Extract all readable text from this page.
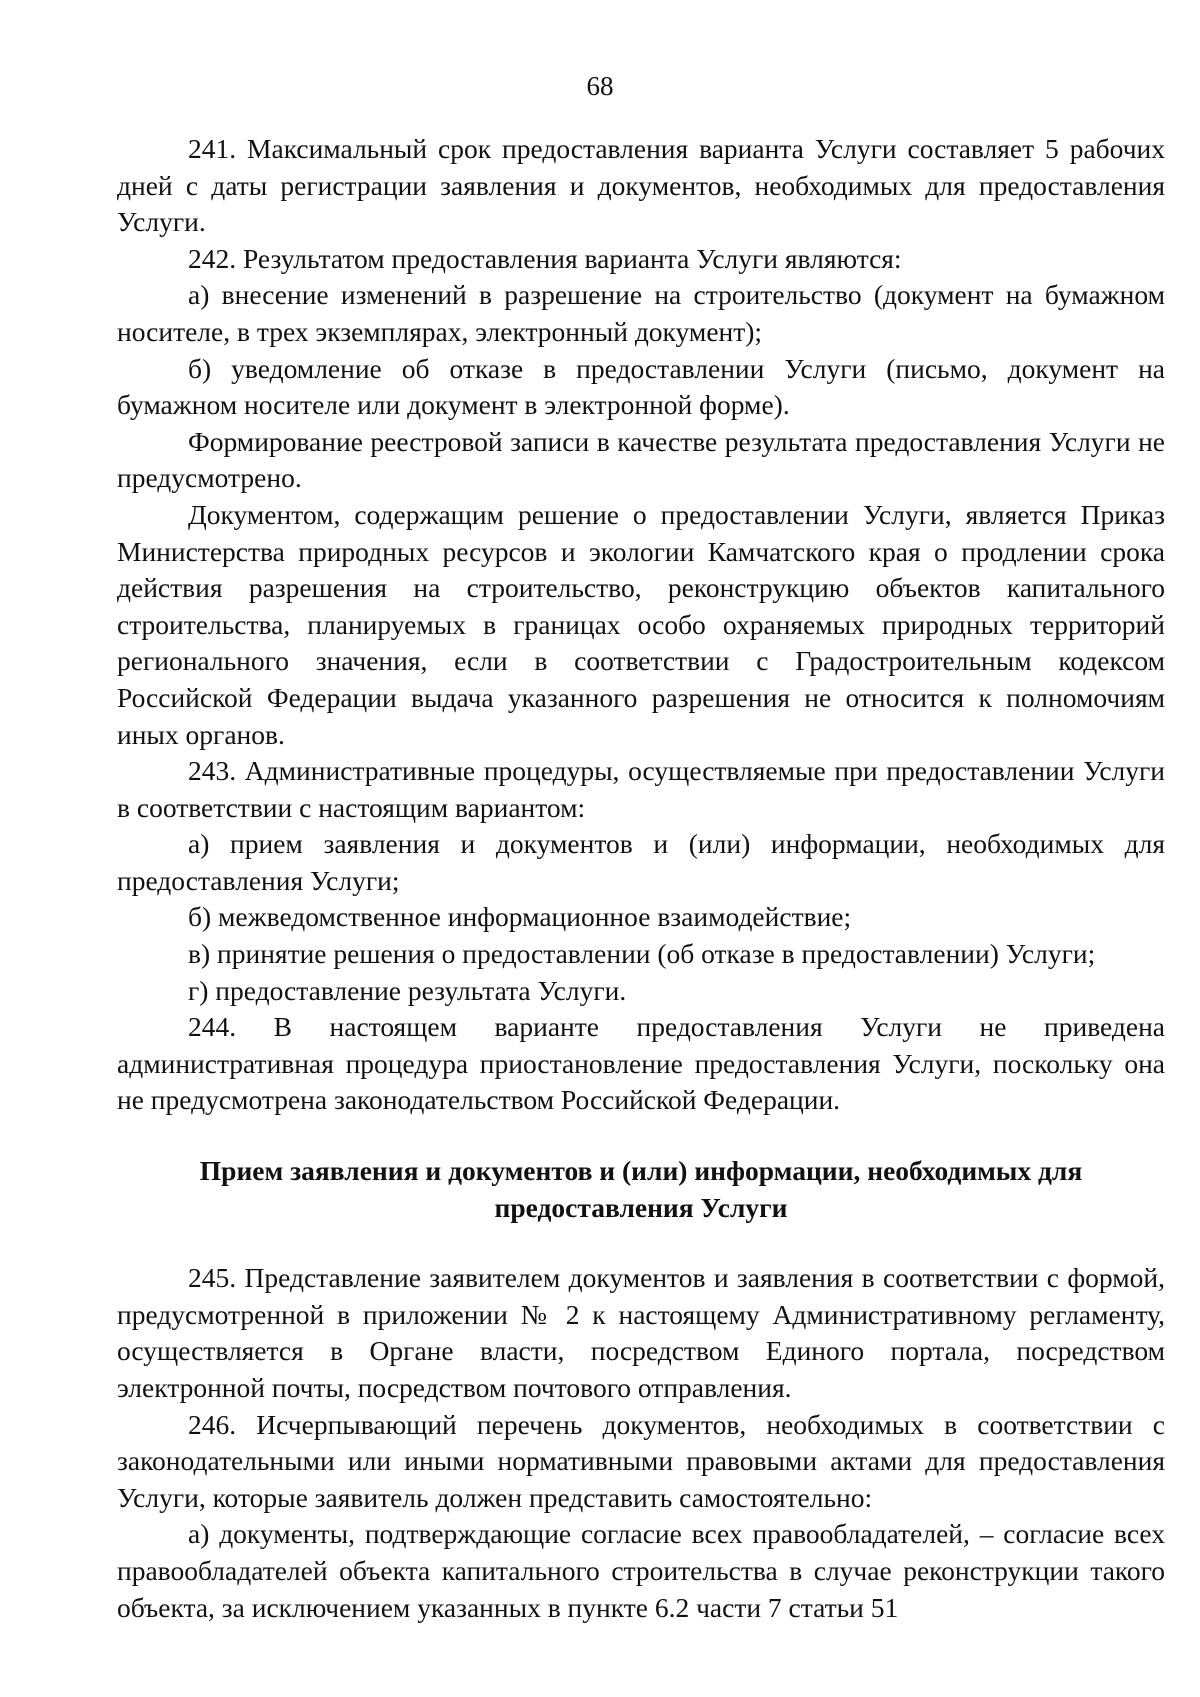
68

241. Максимальный срок предоставления варианта Услуги составляет 5 рабочих дней с даты регистрации заявления и документов, необходимых для предоставления Услуги.

242. Результатом предоставления варианта Услуги являются:

а) внесение изменений в разрешение на строительство (документ на бумажном носителе, в трех экземплярах, электронный документ);

б) уведомление об отказе в предоставлении Услуги (письмо, документ на бумажном носителе или документ в электронной форме).

Формирование реестровой записи в качестве результата предоставления Услуги не предусмотрено.

Документом, содержащим решение о предоставлении Услуги, является Приказ Министерства природных ресурсов и экологии Камчатского края о продлении срока действия разрешения на строительство, реконструкцию объектов капитального строительства, планируемых в границах особо охраняемых природных территорий регионального значения, если в соответствии с Градостроительным кодексом Российской Федерации выдача указанного разрешения не относится к полномочиям иных органов.

243. Административные процедуры, осуществляемые при предоставлении Услуги в соответствии с настоящим вариантом:

а) прием заявления и документов и (или) информации, необходимых для предоставления Услуги;

б) межведомственное информационное взаимодействие;

в) принятие решения о предоставлении (об отказе в предоставлении) Услуги;

г) предоставление результата Услуги.

244. В настоящем варианте предоставления Услуги не приведена административная процедура приостановление предоставления Услуги, поскольку она не предусмотрена законодательством Российской Федерации.

Прием заявления и документов и (или) информации, необходимых для предоставления Услуги

245. Представление заявителем документов и заявления в соответствии с формой, предусмотренной в приложении № 2 к настоящему Административному регламенту, осуществляется в Органе власти, посредством Единого портала, посредством электронной почты, посредством почтового отправления.

246. Исчерпывающий перечень документов, необходимых в соответствии с законодательными или иными нормативными правовыми актами для предоставления Услуги, которые заявитель должен представить самостоятельно:

а) документы, подтверждающие согласие всех правообладателей, – согласие всех правообладателей объекта капитального строительства в случае реконструкции такого объекта, за исключением указанных в пункте 6.2 части 7 статьи 51
